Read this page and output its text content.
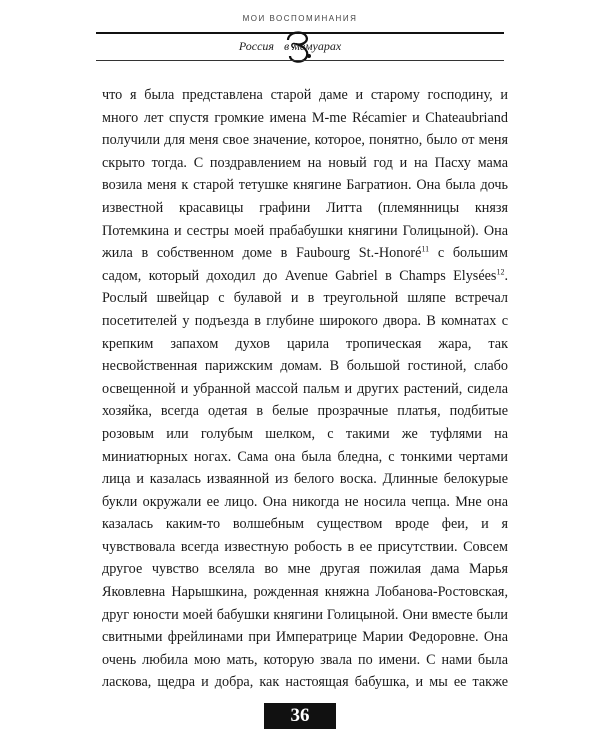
МОИ ВОСПОМИНАНИЯ
Россия в мемуарах

что я была представлена старой даме и старому господину, и много лет спустя громкие имена M-me Récamier и Chateaubriand получили для меня свое значение, которое, понятно, было от меня скрыто тогда. С поздравлением на новый год и на Пасху мама возила меня к старой тетушке княгине Багратион. Она была дочь известной красавицы графини Литта (племянницы князя Потемкина и сестры моей прабабушки княгини Голицыной). Она жила в собственном доме в Faubourg St.-Honoré$^{11}$ с большим садом, который доходил до Avenue Gabriel в Champs Elysées$^{12}$. Рослый швейцар с булавой и в треугольной шляпе встречал посетителей у подъезда в глубине широкого двора. В комнатах с крепким запахом духов царила тропическая жара, так несвойственная парижским домам. В большой гостиной, слабо освещенной и убранной массой пальм и других растений, сидела хозяйка, всегда одетая в белые прозрачные платья, подбитые розовым или голубым шелком, с такими же туфлями на миниатюрных ногах. Сама она была бледна, с тонкими чертами лица и казалась изваянной из белого воска. Длинные белокурые букли окружали ее лицо. Она никогда не носила чепца. Мне она казалась каким-то волшебным существом вроде феи, и я чувствовала всегда известную робость в ее присутствии. Совсем другое чувство вселяла во мне другая пожилая дама Марья Яковлевна Нарышкина, рожденная княжна Лобанова-Ростовская, друг юности моей бабушки княгини Голицыной. Они вместе были свитными фрейлинами при Императрице Марии Федоровне. Она очень любила мою мать, которую звала по имени. С нами была ласкова, щедра и добра, как настоящая бабушка, и мы ее также

36
